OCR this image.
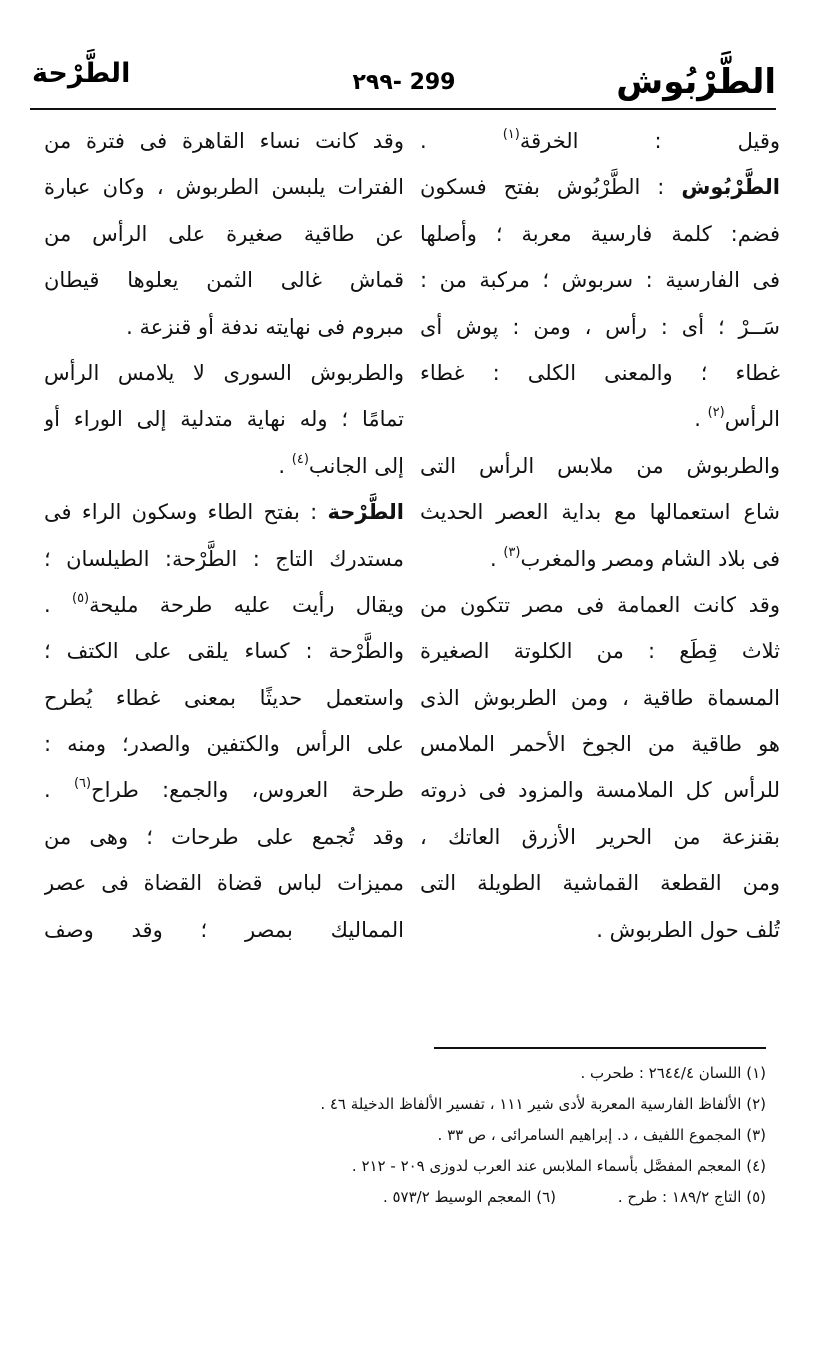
الطَّرْبُوش
٢٩٩- 299
الطَّرْحة
وقيل : الخرقة$^{(١)}$ .
الطَّرْبُوش : الطَّرْبُوش بفتح فسكون
فضم: كلمة فارسية معربة ؛ وأصلها
فى الفارسية : سربوش ؛ مركبة من :
سَــرْ ؛ أى : رأس ، ومن : پوش أى
غطاء ؛ والمعنى الكلى : غطاء
الرأس$^{(٢)}$ .
والطربوش من ملابس الرأس التى
شاع استعمالها مع بداية العصر الحديث
فى بلاد الشام ومصر والمغرب$^{(٣)}$ .
وقد كانت العمامة فى مصر تتكون من
ثلاث قِطَع : من الكلوتة الصغيرة
المسماة طاقية ، ومن الطربوش الذى
هو طاقية من الجوخ الأحمر الملامس
للرأس كل الملامسة والمزود فى ذروته
بقنزعة من الحرير الأزرق العاتك ،
ومن القطعة القماشية الطويلة التى
تُلف حول الطربوش .
وقد كانت نساء القاهرة فى فترة من
الفترات يلبسن الطربوش ، وكان عبارة
عن طاقية صغيرة على الرأس من
قماش غالى الثمن يعلوها قيطان
مبروم فى نهايته ندفة أو قنزعة .
والطربوش السورى لا يلامس الرأس
تمامًا ؛ وله نهاية متدلية إلى الوراء أو
إلى الجانب$^{(٤)}$ .
الطَّرْحة : بفتح الطاء وسكون الراء فى
مستدرك التاج : الطَّرْحة: الطيلسان ؛
ويقال رأيت عليه طرحة مليحة$^{(٥)}$ .
والطَّرْحة : كساء يلقى على الكتف ؛
واستعمل حديثًا بمعنى غطاء يُطرح
على الرأس والكتفين والصدر؛ ومنه :
طرحة العروس، والجمع: طراح$^{(٦)}$ .
وقد تُجمع على طرحات ؛ وهى من
مميزات لباس قضاة القضاة فى عصر
المماليك بمصر ؛ وقد وصف
(١) اللسان ٢٦٤٤/٤ : طحرب .
(٢) الألفاظ الفارسية المعربة لأدى شير ١١١ ، تفسير الألفاظ الدخيلة ٤٦ .
(٣) المجموع اللفيف ، د. إبراهيم السامرائى ، ص ٣٣ .
(٤) المعجم المفصَّل بأسماء الملابس عند العرب لدوزى ٢٠٩ - ٢١٢ .
(٥) التاج ١٨٩/٢ : طرح .
(٦) المعجم الوسيط ٥٧٣/٢ .
